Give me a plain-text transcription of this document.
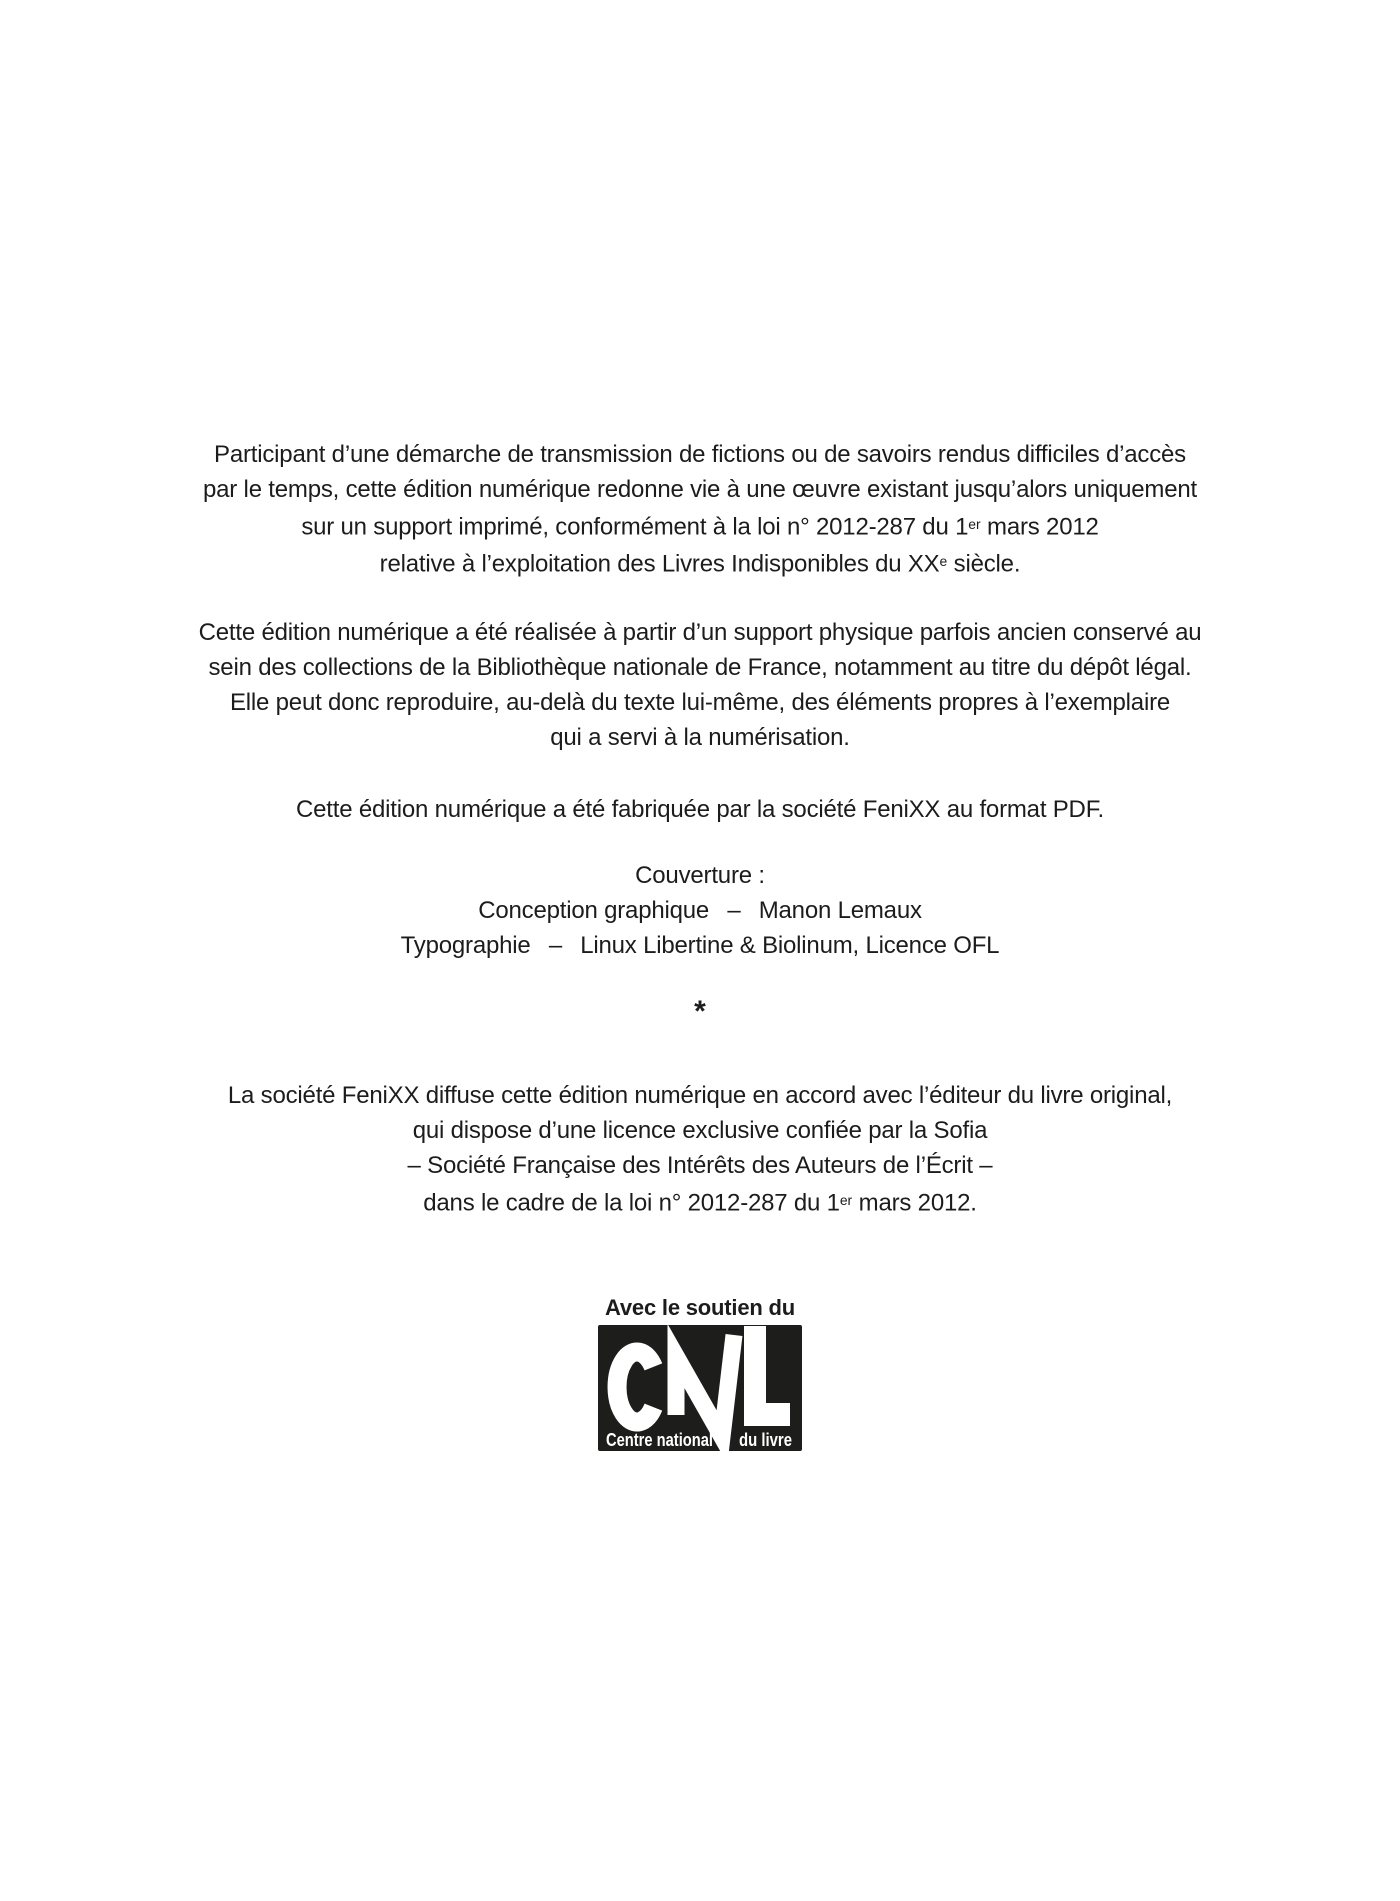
Participant d’une démarche de transmission de fictions ou de savoirs rendus difficiles d’accès
par le temps, cette édition numérique redonne vie à une œuvre existant jusqu’alors uniquement
sur un support imprimé, conformément à la loi n° 2012-287 du 1er mars 2012
relative à l’exploitation des Livres Indisponibles du XXe siècle.
Cette édition numérique a été réalisée à partir d’un support physique parfois ancien conservé au
sein des collections de la Bibliothèque nationale de France, notamment au titre du dépôt légal.
Elle peut donc reproduire, au-delà du texte lui-même, des éléments propres à l’exemplaire
qui a servi à la numérisation.
Cette édition numérique a été fabriquée par la société FeniXX au format PDF.
Couverture :
Conception graphique  –  Manon Lemaux
Typographie  –  Linux Libertine & Biolinum, Licence OFL
*
La société FeniXX diffuse cette édition numérique en accord avec l’éditeur du livre original,
qui dispose d’une licence exclusive confiée par la Sofia
– Société Française des Intérêts des Auteurs de l’Écrit –
dans le cadre de la loi n° 2012-287 du 1er mars 2012.
Avec le soutien du
Centre national du livre
